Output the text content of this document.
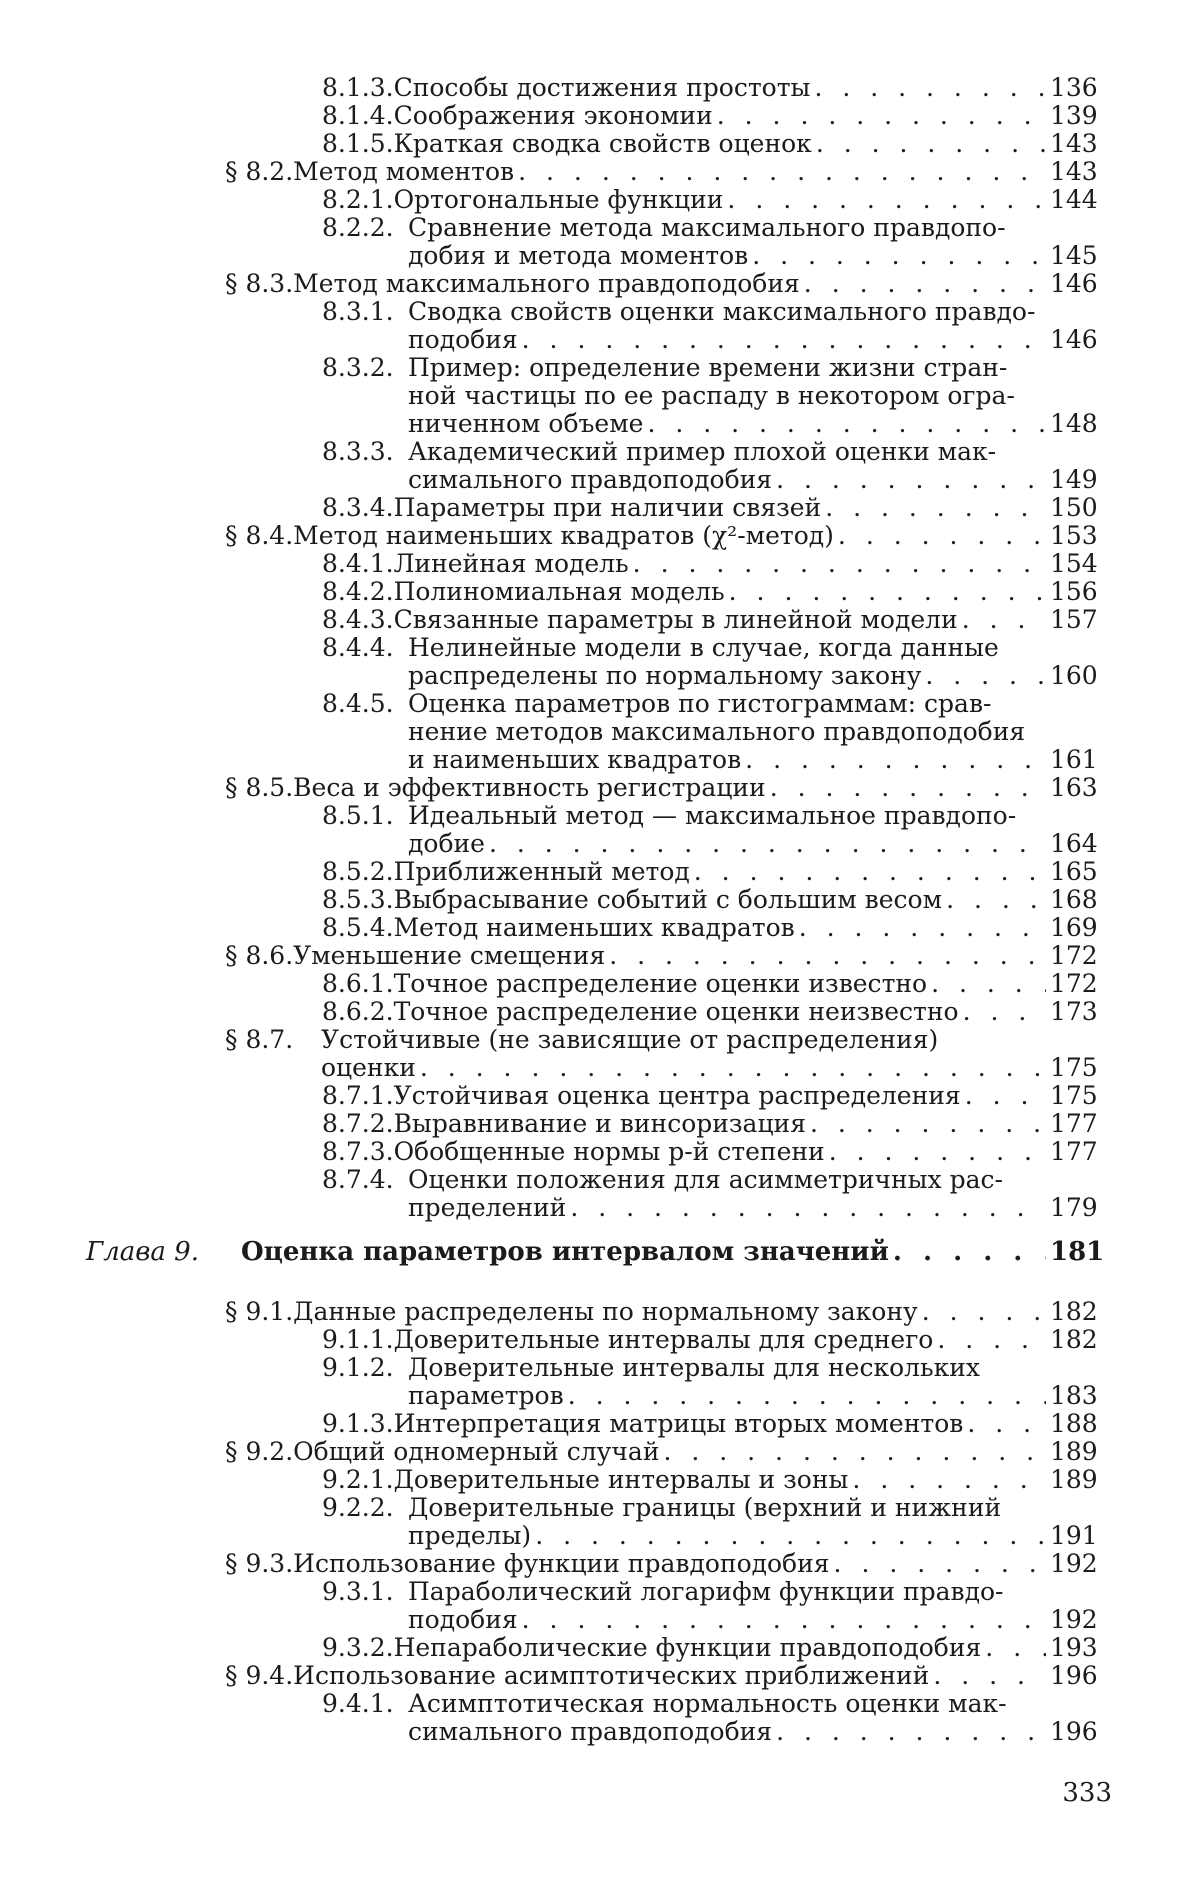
8.1.3. Способы достижения простоты . . .	136
8.1.4. Соображения экономии . . .	139
8.1.5. Краткая сводка свойств оценок . . .	143
§ 8.2. Метод моментов . . .	143
8.2.1. Ортогональные функции . . .	144
8.2.2. Сравнение метода максимального правдопо-
добия и метода моментов . . .	145
§ 8.3. Метод максимального правдоподобия . . .	146
8.3.1. Сводка свойств оценки максимального правдо-
подобия . . .	146
8.3.2. Пример: определение времени жизни стран-
ной частицы по ее распаду в некотором огра-
ниченном объеме . . .	148
8.3.3. Академический пример плохой оценки мак-
симального правдоподобия . . .	149
8.3.4. Параметры при наличии связей . . .	150
§ 8.4. Метод наименьших квадратов (χ²-метод) . . .	153
8.4.1. Линейная модель . . .	154
8.4.2. Полиномиальная модель . . .	156
8.4.3. Связанные параметры в линейной модели . . .	157
8.4.4. Нелинейные модели в случае, когда данные
распределены по нормальному закону . . .	160
8.4.5. Оценка параметров по гистограммам: срав-
нение методов максимального правдоподобия
и наименьших квадратов . . .	161
§ 8.5. Веса и эффективность регистрации . . .	163
8.5.1. Идеальный метод — максимальное правдопо-
добие . . .	164
8.5.2. Приближенный метод . . .	165
8.5.3. Выбрасывание событий с большим весом . . .	168
8.5.4. Метод наименьших квадратов . . .	169
§ 8.6. Уменьшение смещения . . .	172
8.6.1. Точное распределение оценки известно . . .	172
8.6.2. Точное распределение оценки неизвестно . . .	173
§ 8.7.	Устойчивые (не зависящие от распределения)
оценки . . .	175
8.7.1. Устойчивая оценка центра распределения . . .	175
8.7.2. Выравнивание и винсоризация . . .	177
8.7.3. Обобщенные нормы p-й степени . . .	177
8.7.4. Оценки положения для асимметричных рас-
пределений . . .	179
Глава 9. Оценка параметров интервалом значений . . .	181
§ 9.1. Данные распределены по нормальному закону . . .	182
9.1.1. Доверительные интервалы для среднего . . .	182
9.1.2. Доверительные интервалы для нескольких
параметров . . .	183
9.1.3. Интерпретация матрицы вторых моментов . . .	188
§ 9.2. Общий одномерный случай . . .	189
9.2.1. Доверительные интервалы и зоны . . .	189
9.2.2. Доверительные границы (верхний и нижний
пределы) . . .	191
§ 9.3. Использование функции правдоподобия . . .	192
9.3.1. Параболический логарифм функции правдо-
подобия . . .	192
9.3.2. Непараболические функции правдоподобия . . .	193
§ 9.4. Использование асимптотических приближений . . .	196
9.4.1. Асимптотическая нормальность оценки мак-
симального правдоподобия . . .	196
333
